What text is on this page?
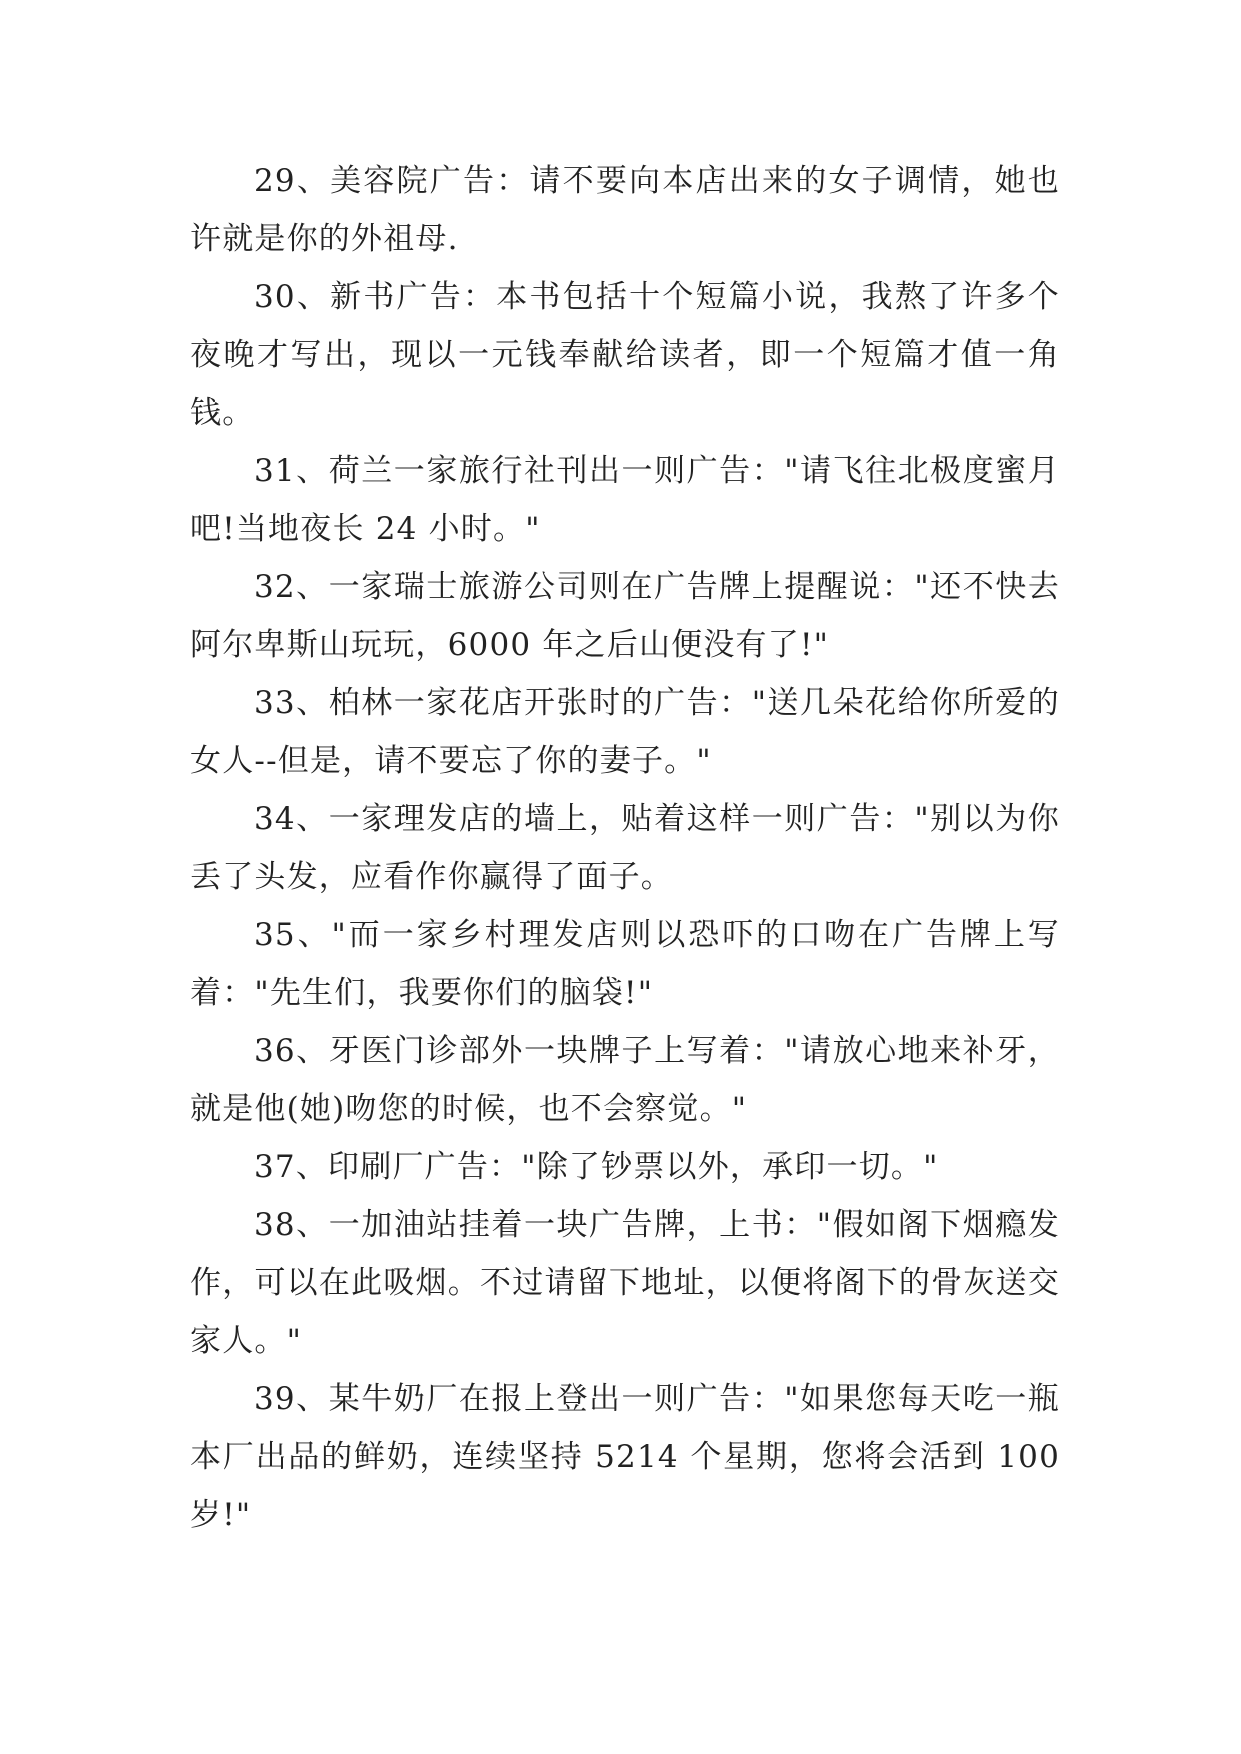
29、美容院广告：请不要向本店出来的女子调情，她也许就是你的外祖母.

30、新书广告：本书包括十个短篇小说，我熬了许多个夜晚才写出，现以一元钱奉献给读者，即一个短篇才值一角钱。

31、荷兰一家旅行社刊出一则广告："请飞往北极度蜜月吧!当地夜长 24 小时。"

32、一家瑞士旅游公司则在广告牌上提醒说："还不快去阿尔卑斯山玩玩，6000 年之后山便没有了!"

33、柏林一家花店开张时的广告："送几朵花给你所爱的女人--但是，请不要忘了你的妻子。"

34、一家理发店的墙上，贴着这样一则广告："别以为你丢了头发，应看作你赢得了面子。

35、"而一家乡村理发店则以恐吓的口吻在广告牌上写着："先生们，我要你们的脑袋!"

36、牙医门诊部外一块牌子上写着："请放心地来补牙，就是他(她)吻您的时候，也不会察觉。"

37、印刷厂广告："除了钞票以外，承印一切。"

38、一加油站挂着一块广告牌，上书："假如阁下烟瘾发作，可以在此吸烟。不过请留下地址，以便将阁下的骨灰送交家人。"

39、某牛奶厂在报上登出一则广告："如果您每天吃一瓶本厂出品的鲜奶，连续坚持 5214 个星期，您将会活到 100 岁!"
